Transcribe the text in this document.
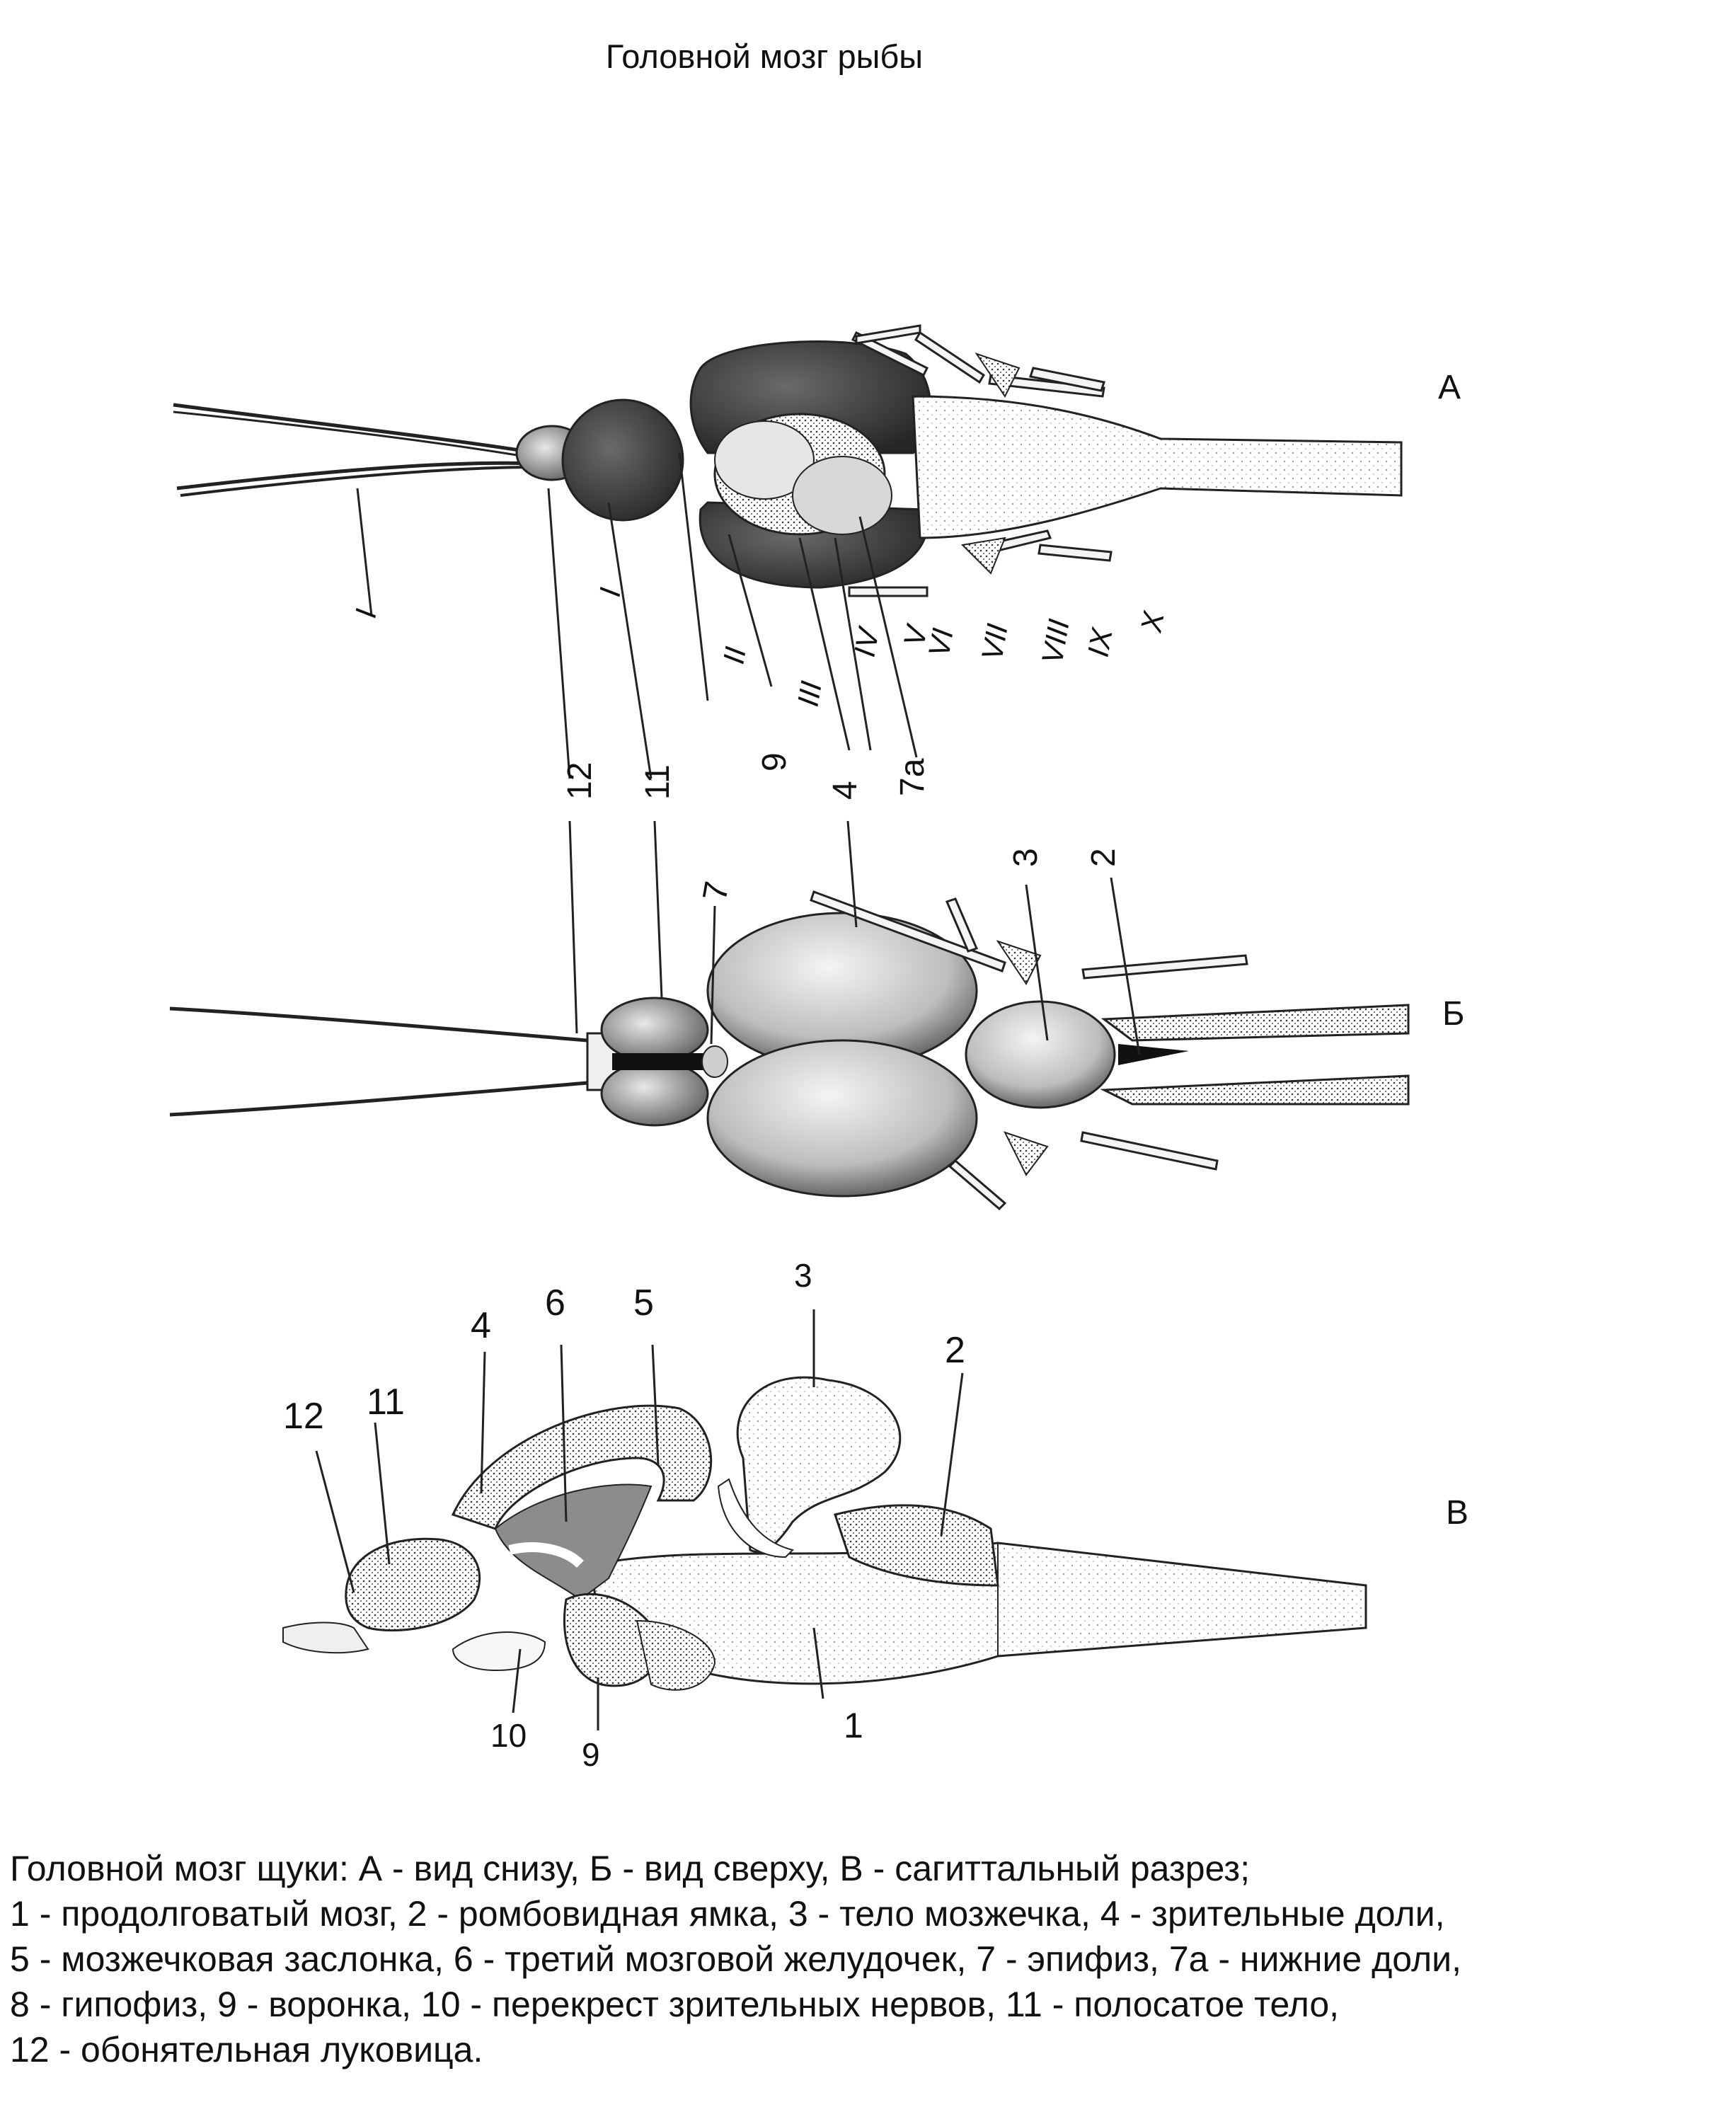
Головной мозг рыбы
А
Б
В
I
I
II
III
IV V
VI VII VIII IX
X
12 11
9
4 7а
7
3 2
12 11
4
6 5
3
2
10
9
1
Головной мозг щуки: А - вид снизу, Б - вид сверху, В - сагиттальный разрез;
1 - продолговатый мозг, 2 - ромбовидная ямка, 3 - тело мозжечка, 4 - зрительные доли,
5 - мозжечковая заслонка, 6 - третий мозговой желудочек, 7 - эпифиз, 7а - нижние доли,
8 - гипофиз, 9 - воронка, 10 - перекрест зрительных нервов, 11 - полосатое тело,
12 - обонятельная луковица.
